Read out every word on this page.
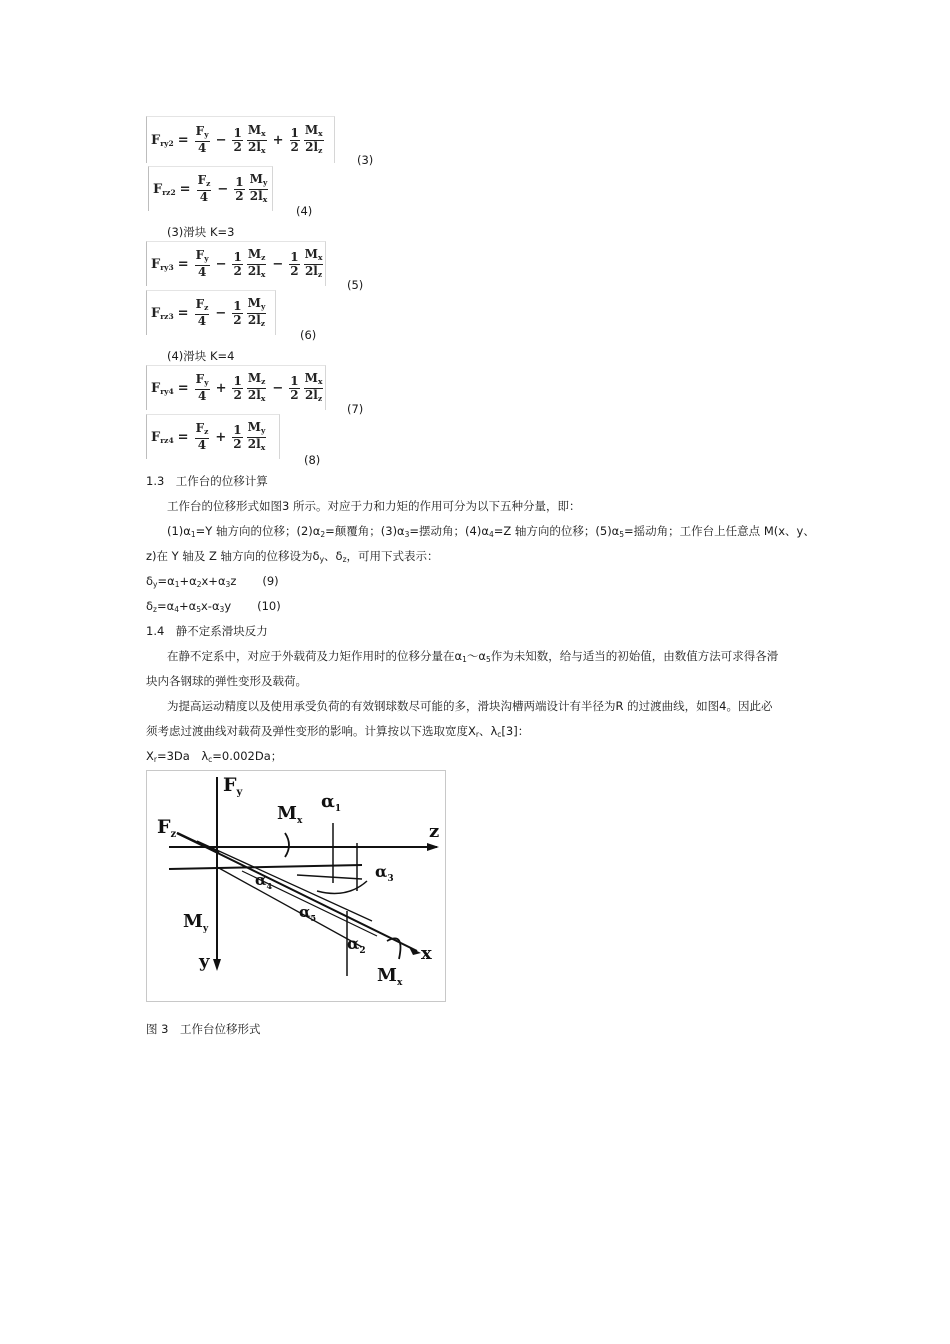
$F_{ry2} = \frac{F_y}{4} - \frac{1}{2} \frac{M_x}{2l_x} + \frac{1}{2} \frac{M_x}{2l_z}$
(3)
$F_{rz2} = \frac{F_z}{4} - \frac{1}{2} \frac{M_y}{2l_x}$
(4)
$F_{ry3} = \frac{F_y}{4} - \frac{1}{2} \frac{M_z}{2l_x} - \frac{1}{2} \frac{M_x}{2l_z}$
(5)
$F_{rz3} = \frac{F_z}{4} - \frac{1}{2} \frac{M_y}{2l_z}$
(6)
$F_{ry4} = \frac{F_y}{4} + \frac{1}{2} \frac{M_z}{2l_x} - \frac{1}{2} \frac{M_x}{2l_z}$
(7)
$F_{rz4} = \frac{F_z}{4} + \frac{1}{2} \frac{M_y}{2l_x}$
(8)
(3)滑块 K=3
(4)滑块 K=4
1.3　工作台的位移计算
工作台的位移形式如图3 所示。对应于力和力矩的作用可分为以下五种分量，即：
$(1)\alpha_1=Y$ 轴方向的位移；$(2)\alpha_2=$颠覆角；$(3)\alpha_3=$摆动角；$(4)\alpha_4=Z$ 轴方向的位移；$(5)\alpha_5=$摇动角；工作台上任意点 M(x、y、
z)在 Y 轴及 Z 轴方向的位移设为$\delta_y$、$\delta_z$，可用下式表示：
$\delta_y=\alpha_1+\alpha_2x+\alpha_3z$ (9)
$\delta_z=\alpha_4+\alpha_5x-\alpha_3y$ (10)
1.4　静不定系滑块反力
在静不定系中，对应于外载荷及力矩作用时的位移分量在$\alpha_1\sim\alpha_5$作为未知数，给与适当的初始值，由数值方法可求得各滑
块内各钢球的弹性变形及载荷。
为提高运动精度以及使用承受负荷的有效钢球数尽可能的多，滑块沟槽两端设计有半径为R 的过渡曲线，如图4。因此必
须考虑过渡曲线对载荷及弹性变形的影响。计算按以下选取宽度$X_r$、$\lambda_c[3]$：
$X_r=3Da$　$\lambda_c=0.002Da$；
$F_y$
$F_z$
$M_x$
$M_y$
$M_x$
$\alpha_1$
$\alpha_2$
$\alpha_3$
$\alpha_4$
$\alpha_5$
z
x
y
图 3　工作台位移形式
